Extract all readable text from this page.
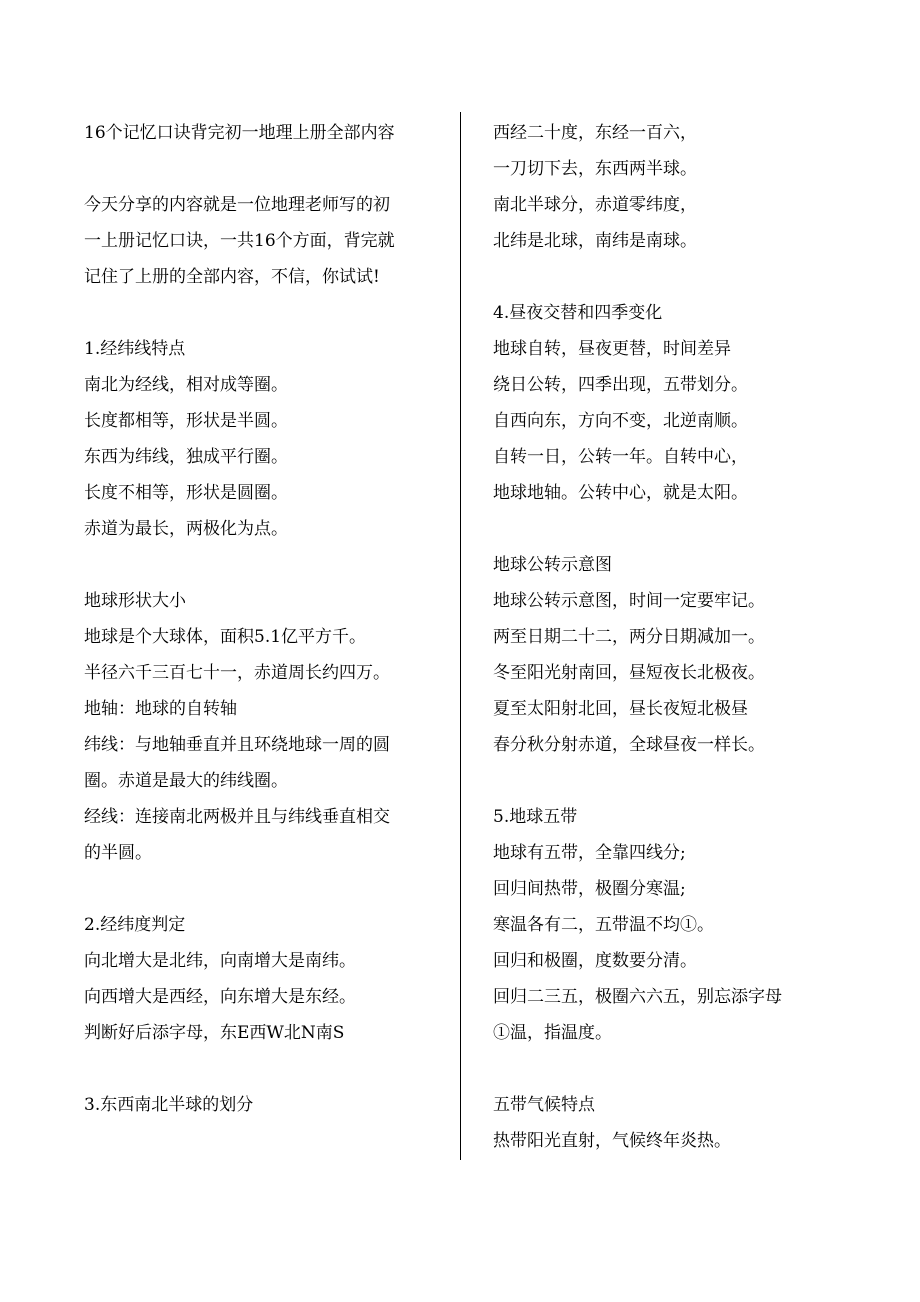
16个记忆口诀背完初一地理上册全部内容
今天分享的内容就是一位地理老师写的初
一上册记忆口诀，一共16个方面，背完就
记住了上册的全部内容，不信，你试试!
1.经纬线特点
南北为经线，相对成等圈。
长度都相等，形状是半圆。
东西为纬线，独成平行圈。
长度不相等，形状是圆圈。
赤道为最长，两极化为点。
地球形状大小
地球是个大球体，面积5.1亿平方千。
半径六千三百七十一，赤道周长约四万。
地轴：地球的自转轴
纬线：与地轴垂直并且环绕地球一周的圆
圈。赤道是最大的纬线圈。
经线：连接南北两极并且与纬线垂直相交
的半圆。
2.经纬度判定
向北增大是北纬，向南增大是南纬。
向西增大是西经，向东增大是东经。
判断好后添字母，东E西W北N南S
3.东西南北半球的划分
西经二十度，东经一百六，
一刀切下去，东西两半球。
南北半球分，赤道零纬度，
北纬是北球，南纬是南球。
4.昼夜交替和四季变化
地球自转，昼夜更替，时间差异
绕日公转，四季出现，五带划分。
自西向东，方向不变，北逆南顺。
自转一日，公转一年。自转中心，
地球地轴。公转中心，就是太阳。
地球公转示意图
地球公转示意图，时间一定要牢记。
两至日期二十二，两分日期减加一。
冬至阳光射南回，昼短夜长北极夜。
夏至太阳射北回，昼长夜短北极昼
春分秋分射赤道，全球昼夜一样长。
5.地球五带
地球有五带，全靠四线分;
回归间热带，极圈分寒温;
寒温各有二，五带温不均①。
回归和极圈，度数要分清。
回归二三五，极圈六六五，别忘添字母
①温，指温度。
五带气候特点
热带阳光直射，气候终年炎热。
